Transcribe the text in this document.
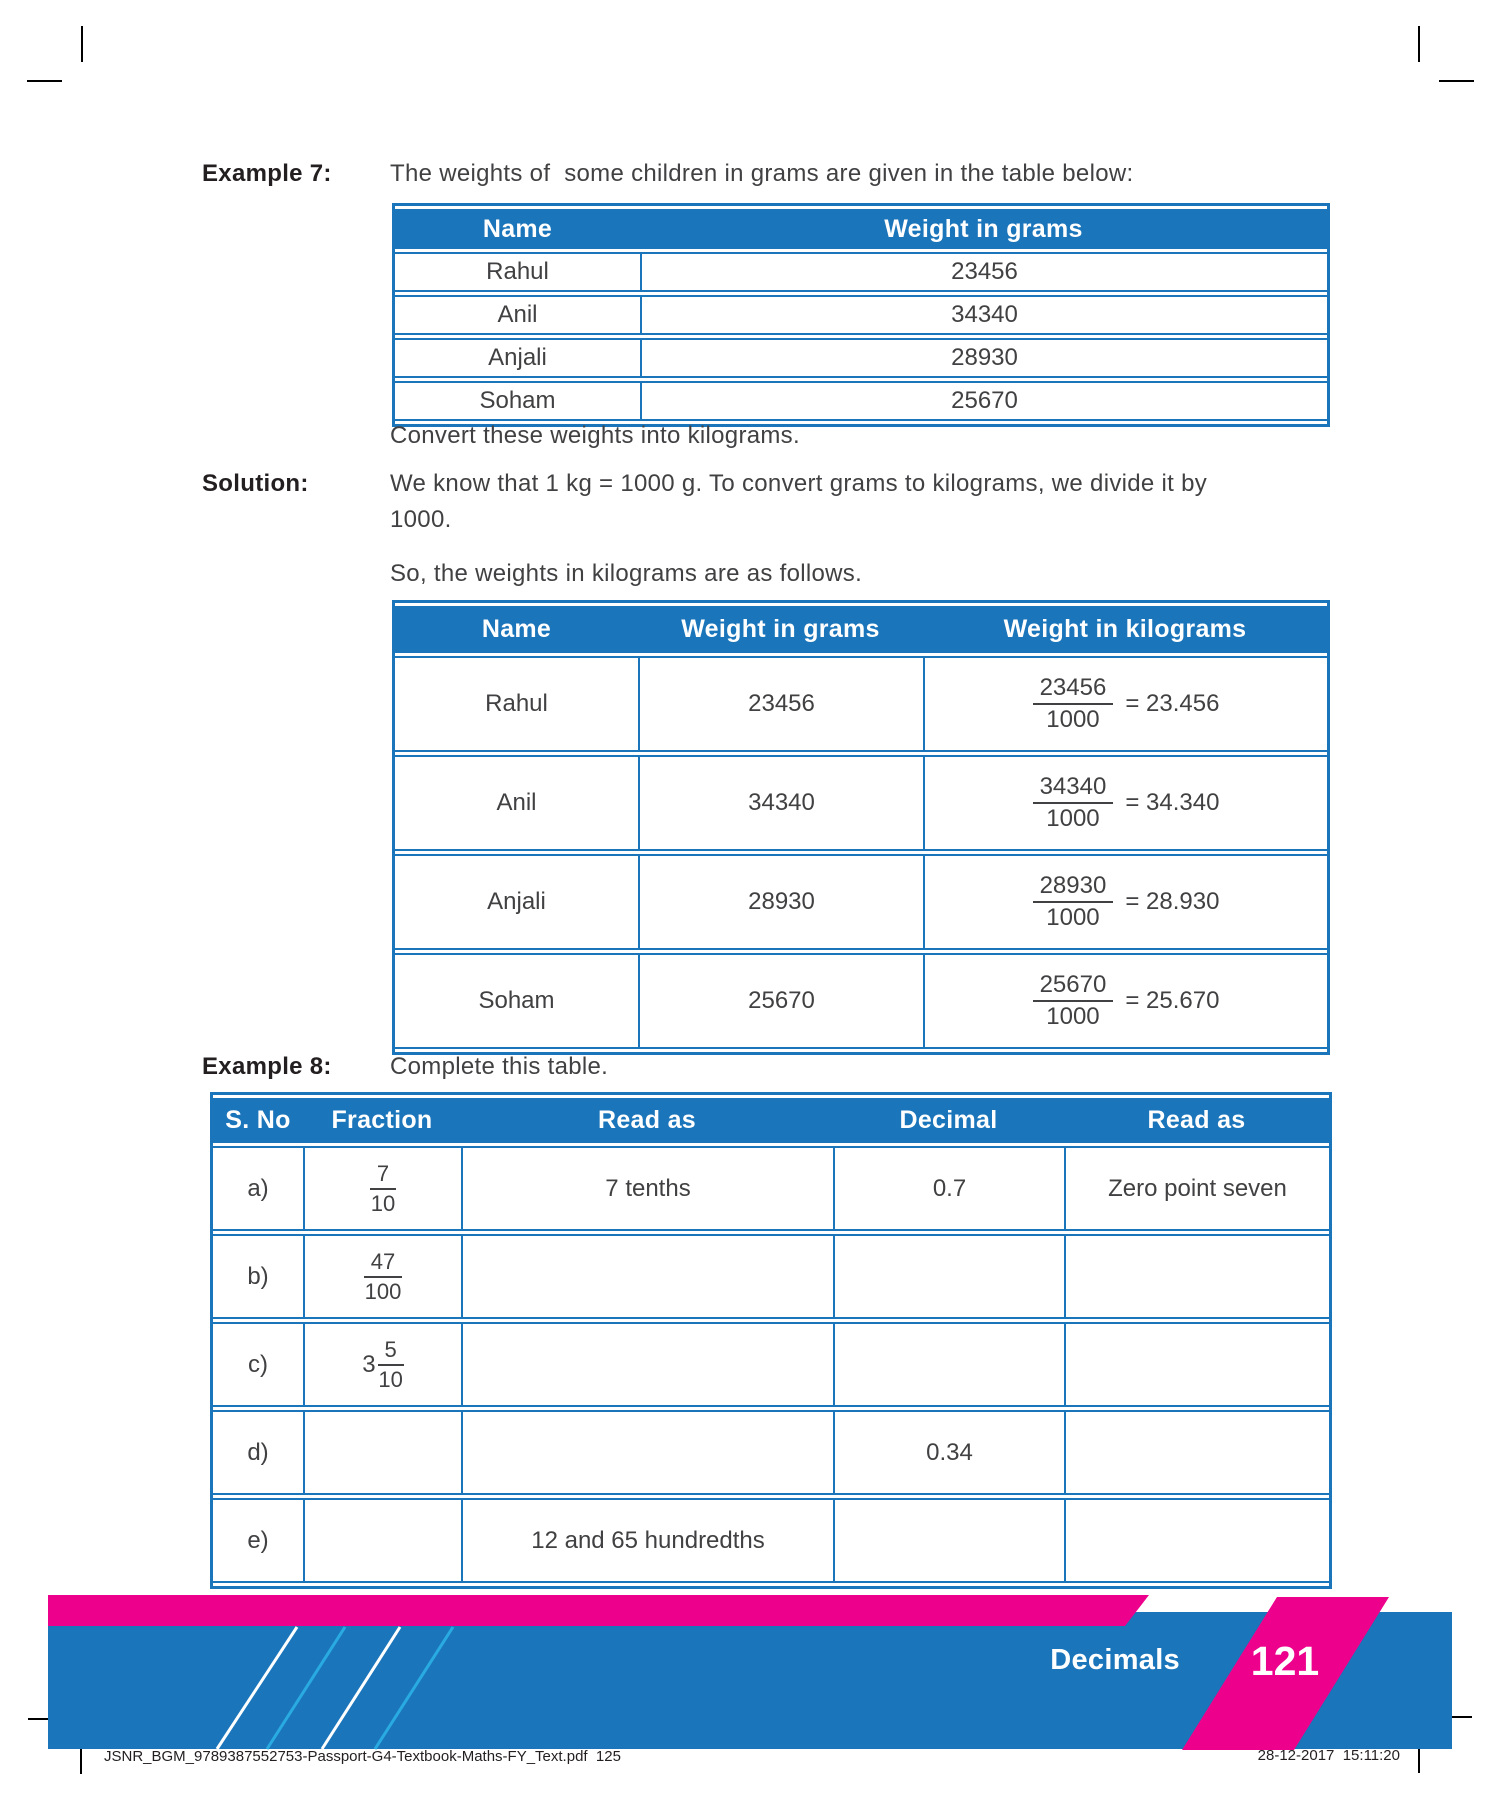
Example 7: The weights of  some children in grams are given in the table below:
Name	Weight in grams
Rahul	23456
Anil	34340
Anjali	28930
Soham	25670
Convert these weights into kilograms.
Solution:	We know that 1 kg = 1000 g. To convert grams to kilograms, we divide it by
1000.
So, the weights in kilograms are as follows.
Name	Weight in grams	Weight in kilograms
Rahul	23456	$\frac{23456}{1000} = 23.456$

Anil	34340	$\frac{34340}{1000} = 34.340$

Anjali	28930	$\frac{28930}{1000} = 28.930$

Soham	25670	$\frac{25670}{1000} = 25.670$
Example 8: Complete this table.
S. No	Fraction	Read as	Decimal	Read as
a)	$\frac{7}{10}$	7 tenths	0.7	Zero point seven
b)	$\frac{47}{100}$

c)	$3 \frac{5}{10}$

d)			0.34	
e)		12 and 65 hundredths		
Decimals	121
JSNR_BGM_9789387552753-Passport-G4-Textbook-Maths-FY_Text.pdf  125	28-12-2017  15:11:20
